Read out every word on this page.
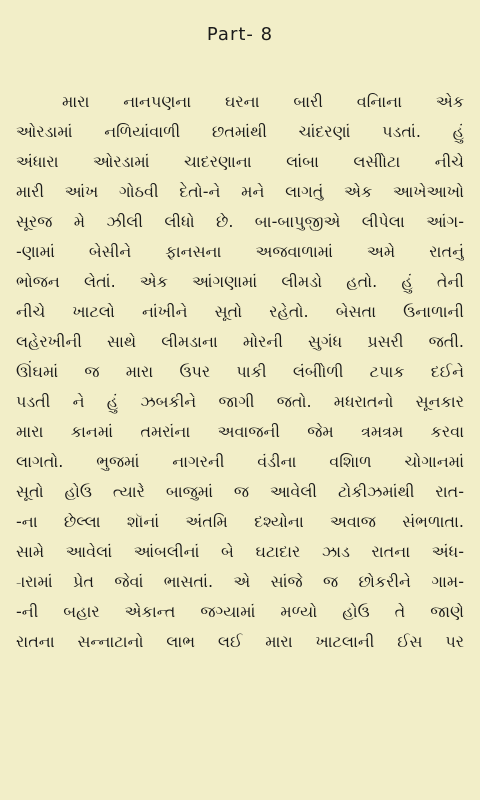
Part- 8
મારા નાનપણના ઘરના બારી વનિાના એક
ઓરડામાં નળિયાંવાળી છતમાંથી ચાંદરણાં પડતાં. હું
અંધારા ઓરડામાં ચાદરણાના લાંબા લસીોટા નીચે
મારી આંખ ગોઠવી દેતો-ને મને લાગતું એક આખેઆખો
સૂરજ મે ઝીલી લીધો છે. બા-બાપુજીએ લીપેલા આંગ-
-ણામાં બેસીને ફાનસના અજવાળામાં અમે રાતનું
ભોજન લેતાં. એક આંગણામાં લીમડો હતો. હું તેની
નીચે ખાટલો નાંખીને સૂતો રહેતો. બેસતા ઉનાળાની
લહેરખીની સાથે લીમડાના મોરની સુગંધ પ્રસરી જતી.
ઊંઘમાં જ મારા ઉપર પાકી લંબીોળી ટપાક દઈને
પડતી ને હું ઝબકીને જાગી જતો. મધરાતનો સૂનકાર
મારા કાનમાં તમરાંના અવાજની જેમ ત્રમત્રમ કરવા
લાગતો. ભુજમાં નાગરની વંડીના વશિાળ ચોગાનમાં
સૂતો હોઉ ત્યારે બાજુમાં જ આવેલી ટોકીઝમાંથી રાત-
-ના છેલ્લા શૉનાં અંતમિ દશ્યોના અવાજ સંભળાતા.
સામે આવેલાં આંબલીનાં બે ઘટાદાર ઝાડ રાતના અંધ-
-ારામાં પ્રેત જેવાં ભાસતાં. એ સાંજે જ છોકરીને ગામ-
-ની બહાર એકાન્ત જગ્યામાં મળ્યો હોઉ તે જાણે
રાતના સન્નાટાનો લાભ લઈ મારા ખાટલાની ઈસ પર
